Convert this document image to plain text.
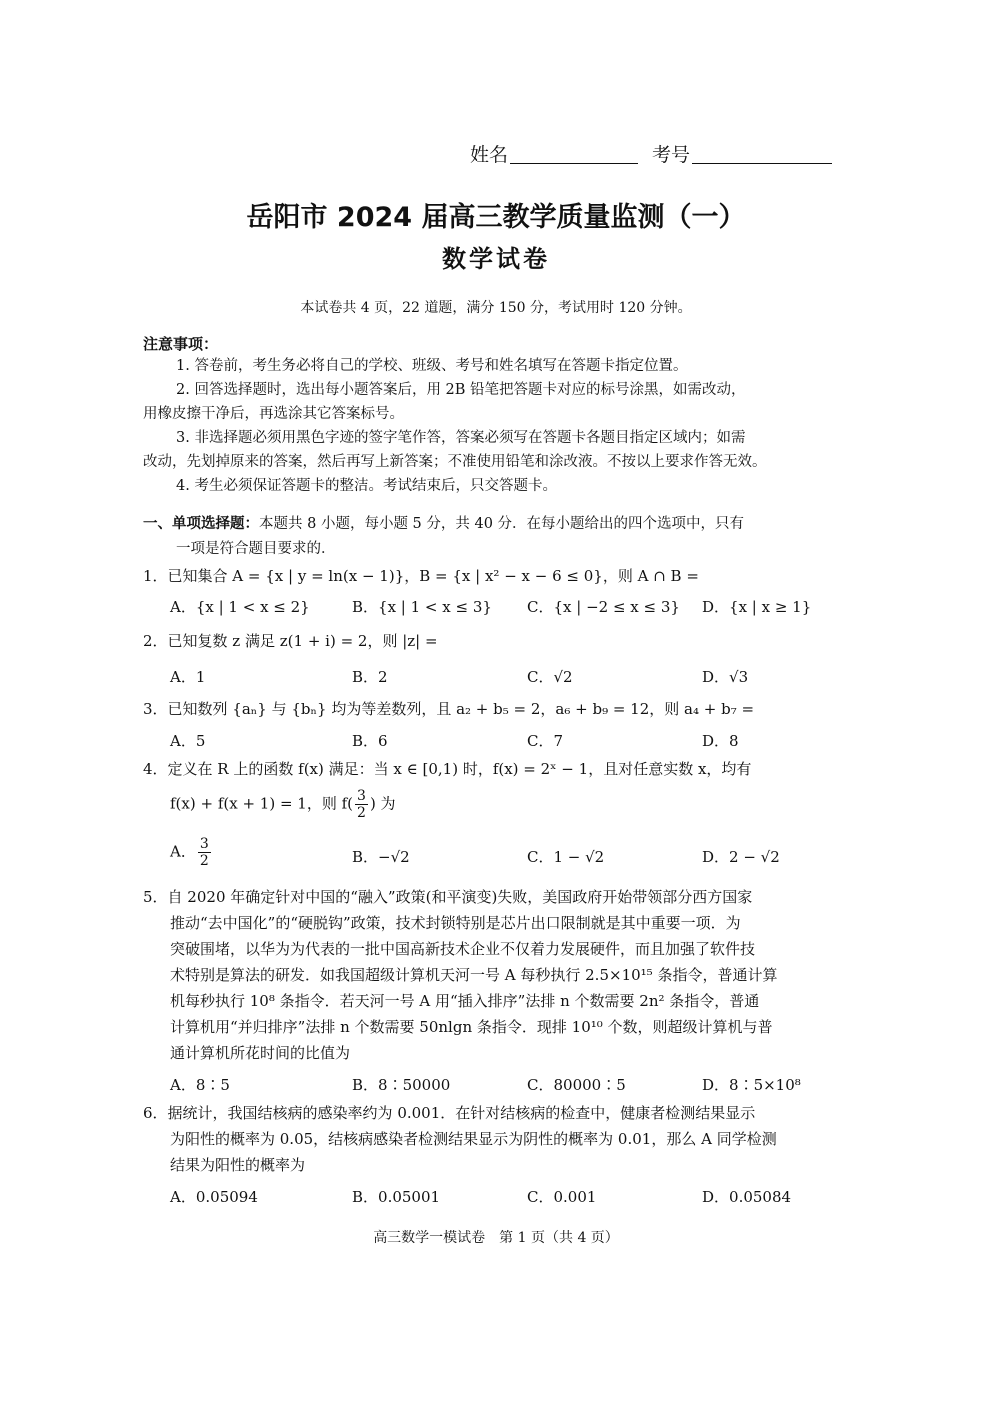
姓名	考号
岳阳市 2024 届高三教学质量监测（一）
数学试卷
本试卷共 4 页，22 道题，满分 150 分，考试用时 120 分钟。
注意事项：
1. 答卷前，考生务必将自己的学校、班级、考号和姓名填写在答题卡指定位置。
2. 回答选择题时，选出每小题答案后，用 2B 铅笔把答题卡对应的标号涂黑，如需改动，
用橡皮擦干净后，再选涂其它答案标号。
3. 非选择题必须用黑色字迹的签字笔作答，答案必须写在答题卡各题目指定区域内；如需
改动，先划掉原来的答案，然后再写上新答案；不准使用铅笔和涂改液。不按以上要求作答无效。
4. 考生必须保证答题卡的整洁。考试结束后，只交答题卡。
一、单项选择题：本题共 8 小题，每小题 5 分，共 40 分．在每小题给出的四个选项中，只有
一项是符合题目要求的．
1．已知集合 A = {x | y = ln(x − 1)}，B = {x | x² − x − 6 ≤ 0}，则 A ∩ B =
A．{x | 1 < x ≤ 2}	B．{x | 1 < x ≤ 3} C．{x | −2 ≤ x ≤ 3} D．{x | x ≥ 1}
2．已知复数 z 满足 z(1 + i) = 2，则 |z| =
A．1	B．2	C．√2	D．√3
3．已知数列 {aₙ} 与 {bₙ} 均为等差数列，且 a₂ + b₅ = 2，a₆ + b₉ = 12，则 a₄ + b₇ =
A．5	B．6	C．7	D．8
4．定义在 R 上的函数 f(x) 满足：当 x ∈ [0,1) 时，f(x) = 2ˣ − 1，且对任意实数 x，均有
f(x) + f(x + 1) = 1，则 $f( \frac{3}{2}$ ) 为
A． $\frac{3}{2}$	B．−√2	C．1 − √2	D．2 − √2
5．自 2020 年确定针对中国的“融入”政策(和平演变)失败，美国政府开始带领部分西方国家
推动“去中国化”的“硬脱钩”政策，技术封锁特别是芯片出口限制就是其中重要一项．为
突破围堵，以华为为代表的一批中国高新技术企业不仅着力发展硬件，而且加强了软件技
术特别是算法的研发．如我国超级计算机天河一号 A 每秒执行 2.5×10¹⁵ 条指令，普通计算
机每秒执行 10⁸ 条指令．若天河一号 A 用“插入排序”法排 n 个数需要 2n² 条指令，普通
计算机用“并归排序”法排 n 个数需要 50nlgn 条指令．现排 10¹⁰ 个数，则超级计算机与普
通计算机所花时间的比值为
A．8∶5	B．8∶50000	C．80000∶5	D．8∶5×10⁸
6．据统计，我国结核病的感染率约为 0.001．在针对结核病的检查中，健康者检测结果显示
为阳性的概率为 0.05，结核病感染者检测结果显示为阴性的概率为 0.01，那么 A 同学检测
结果为阳性的概率为
A．0.05094	B．0.05001	C．0.001	D．0.05084
高三数学一模试卷　第 1 页（共 4 页）
